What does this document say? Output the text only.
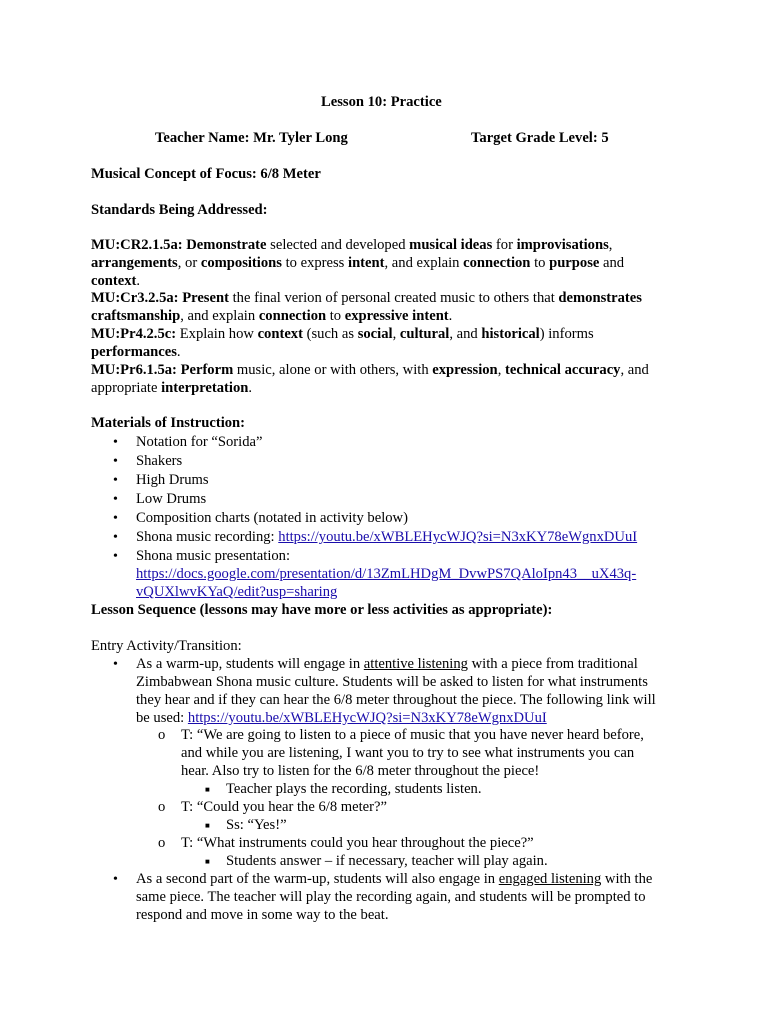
Lesson 10: Practice
Teacher Name: Mr. Tyler Long	Target Grade Level: 5
Musical Concept of Focus: 6/8 Meter
Standards Being Addressed:
MU:CR2.1.5a: Demonstrate selected and developed musical ideas for improvisations,
arrangements, or compositions to express intent, and explain connection to purpose and
context.
MU:Cr3.2.5a: Present the final verion of personal created music to others that demonstrates
craftsmanship, and explain connection to expressive intent.
MU:Pr4.2.5c: Explain how context (such as social, cultural, and historical) informs
performances.
MU:Pr6.1.5a: Perform music, alone or with others, with expression, technical accuracy, and
appropriate interpretation.
Materials of Instruction:
•
Notation for “Sorida”
•
Shakers
•
High Drums
•
Low Drums
•
Composition charts (notated in activity below)
•
Shona music recording: https://youtu.be/xWBLEHycWJQ?si=N3xKY78eWgnxDUuI
•
Shona music presentation:
https://docs.google.com/presentation/d/13ZmLHDgM_DvwPS7QAloIpn43__uX43q-
vQUXlwvKYaQ/edit?usp=sharing
Lesson Sequence (lessons may have more or less activities as appropriate):
Entry Activity/Transition:
•
As a warm-up, students will engage in attentive listening with a piece from traditional
Zimbabwean Shona music culture. Students will be asked to listen for what instruments
they hear and if they can hear the 6/8 meter throughout the piece. The following link will
be used: https://youtu.be/xWBLEHycWJQ?si=N3xKY78eWgnxDUuI
o T: “We are going to listen to a piece of music that you have never heard before,
and while you are listening, I want you to try to see what instruments you can
hear. Also try to listen for the 6/8 meter throughout the piece!
■ Teacher plays the recording, students listen.
o T: “Could you hear the 6/8 meter?”
■ Ss: “Yes!”
o T: “What instruments could you hear throughout the piece?”
■ Students answer – if necessary, teacher will play again.
•
As a second part of the warm-up, students will also engage in engaged listening with the
same piece. The teacher will play the recording again, and students will be prompted to
respond and move in some way to the beat.
